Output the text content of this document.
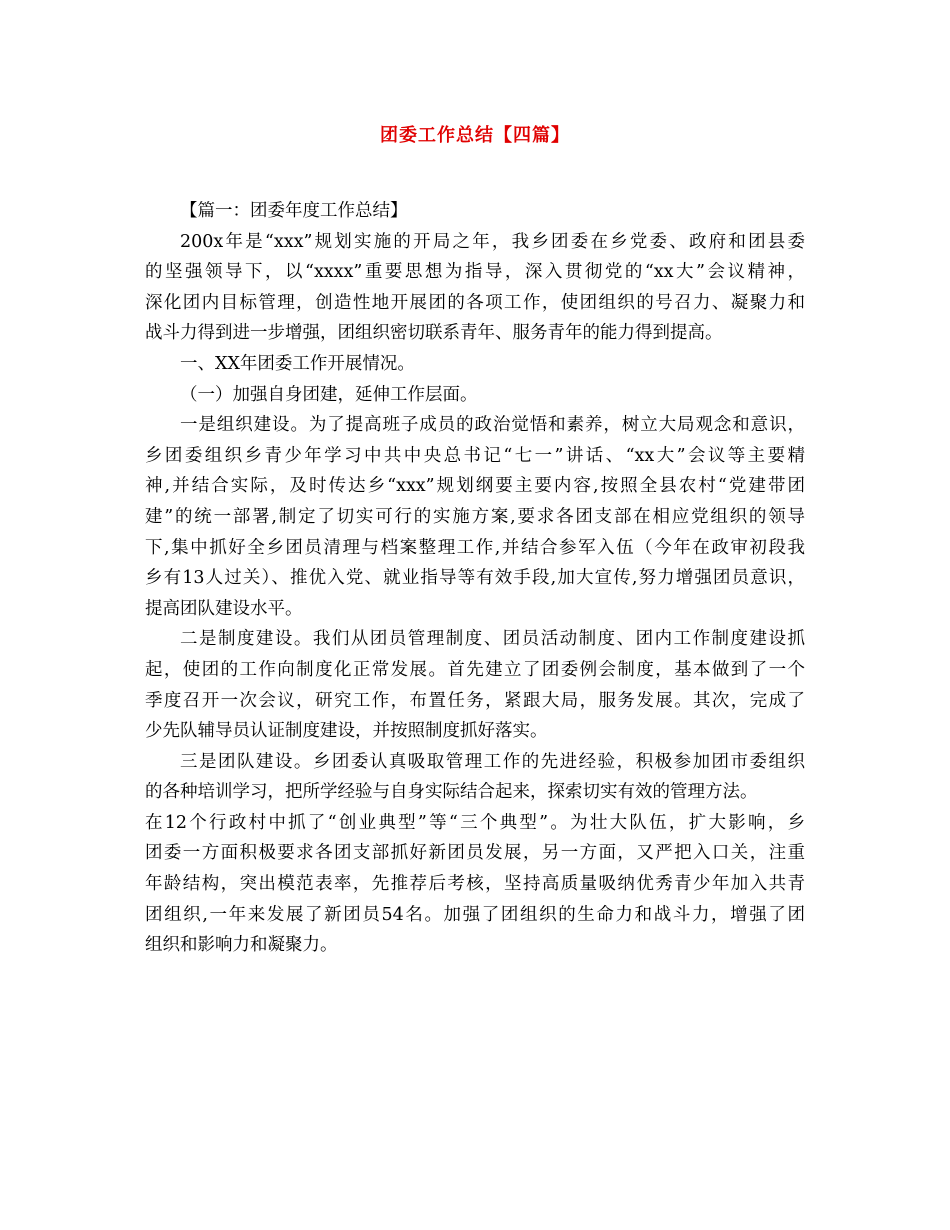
团委工作总结【四篇】
【篇一：团委年度工作总结】
200x年是“xxx”规划实施的开局之年，我乡团委在乡党委、政府和团县委
的坚强领导下，以“xxxx”重要思想为指导，深入贯彻党的“xx大”会议精神，
深化团内目标管理，创造性地开展团的各项工作，使团组织的号召力、凝聚力和
战斗力得到进一步增强，团组织密切联系青年、服务青年的能力得到提高。
一、XX年团委工作开展情况。
（一）加强自身团建，延伸工作层面。
一是组织建设。为了提高班子成员的政治觉悟和素养，树立大局观念和意识，
乡团委组织乡青少年学习中共中央总书记“七一”讲话、“xx大”会议等主要精
神,并结合实际，及时传达乡“xxx”规划纲要主要内容,按照全县农村“党建带团
建”的统一部署,制定了切实可行的实施方案,要求各团支部在相应党组织的领导
下,集中抓好全乡团员清理与档案整理工作,并结合参军入伍（今年在政审初段我
乡有13人过关）、推优入党、就业指导等有效手段,加大宣传,努力增强团员意识，
提高团队建设水平。
二是制度建设。我们从团员管理制度、团员活动制度、团内工作制度建设抓
起，使团的工作向制度化正常发展。首先建立了团委例会制度，基本做到了一个
季度召开一次会议，研究工作，布置任务，紧跟大局，服务发展。其次，完成了
少先队辅导员认证制度建设，并按照制度抓好落实。
三是团队建设。乡团委认真吸取管理工作的先进经验，积极参加团市委组织
的各种培训学习，把所学经验与自身实际结合起来，探索切实有效的管理方法。
在12个行政村中抓了“创业典型”等“三个典型”。为壮大队伍，扩大影响，乡
团委一方面积极要求各团支部抓好新团员发展，另一方面，又严把入口关，注重
年龄结构，突出模范表率，先推荐后考核，坚持高质量吸纳优秀青少年加入共青
团组织,一年来发展了新团员54名。加强了团组织的生命力和战斗力，增强了团
组织和影响力和凝聚力。
